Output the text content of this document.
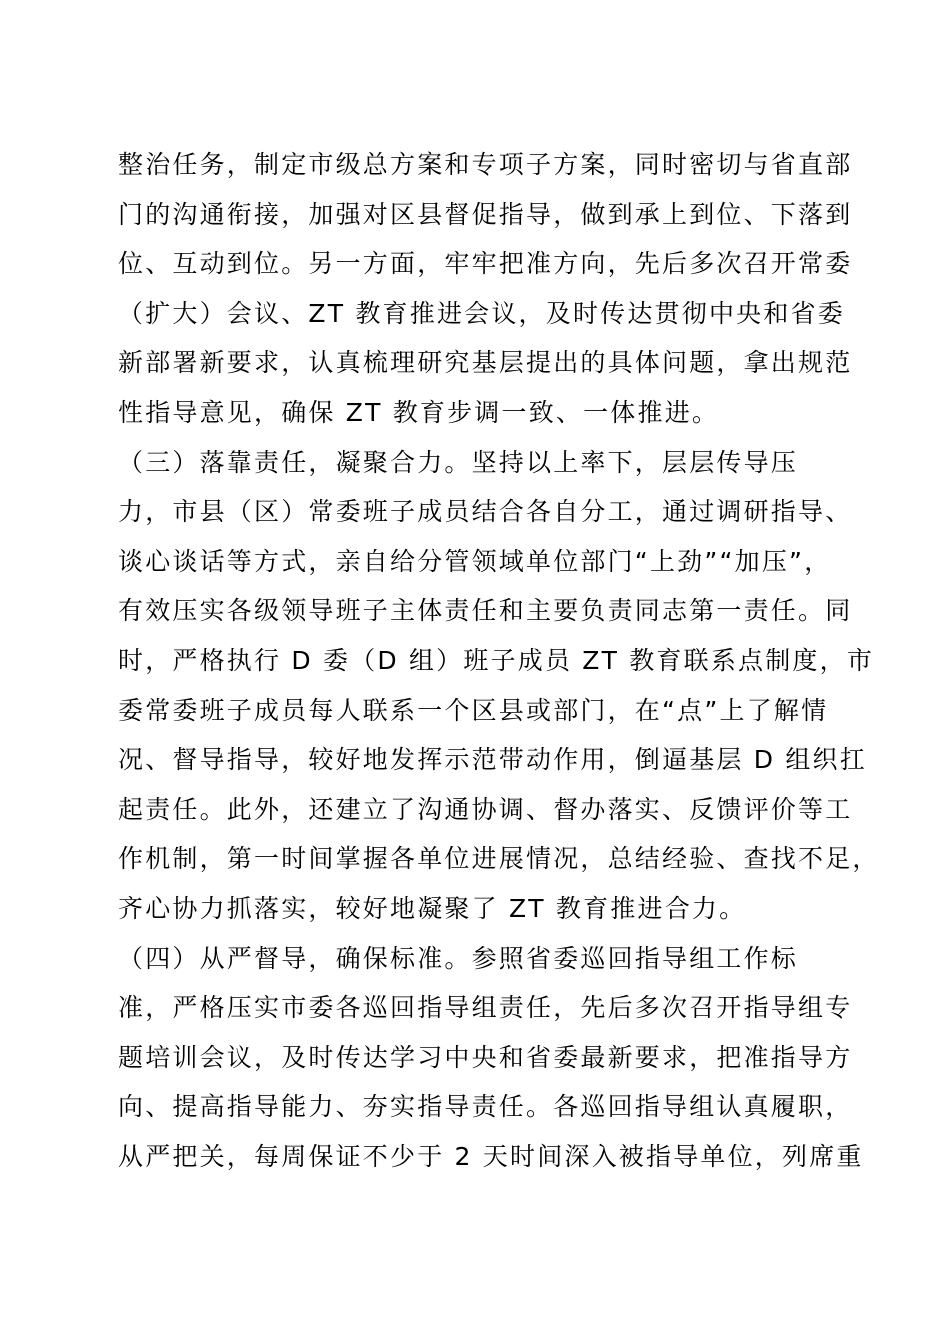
整治任务，制定市级总方案和专项子方案，同时密切与省直部
门的沟通衔接，加强对区县督促指导，做到承上到位、下落到
位、互动到位。另一方面，牢牢把准方向，先后多次召开常委
（扩大）会议、ZT 教育推进会议，及时传达贯彻中央和省委
新部署新要求，认真梳理研究基层提出的具体问题，拿出规范
性指导意见，确保 ZT 教育步调一致、一体推进。
（三）落靠责任，凝聚合力。坚持以上率下，层层传导压
力，市县（区）常委班子成员结合各自分工，通过调研指导、
谈心谈话等方式，亲自给分管领域单位部门“上劲”“加压”，
有效压实各级领导班子主体责任和主要负责同志第一责任。同
时，严格执行 D 委（D 组）班子成员 ZT 教育联系点制度，市
委常委班子成员每人联系一个区县或部门，在“点”上了解情
况、督导指导，较好地发挥示范带动作用，倒逼基层 D 组织扛
起责任。此外，还建立了沟通协调、督办落实、反馈评价等工
作机制，第一时间掌握各单位进展情况，总结经验、查找不足，
齐心协力抓落实，较好地凝聚了 ZT 教育推进合力。
（四）从严督导，确保标准。参照省委巡回指导组工作标
准，严格压实市委各巡回指导组责任，先后多次召开指导组专
题培训会议，及时传达学习中央和省委最新要求，把准指导方
向、提高指导能力、夯实指导责任。各巡回指导组认真履职，
从严把关，每周保证不少于 2 天时间深入被指导单位，列席重
